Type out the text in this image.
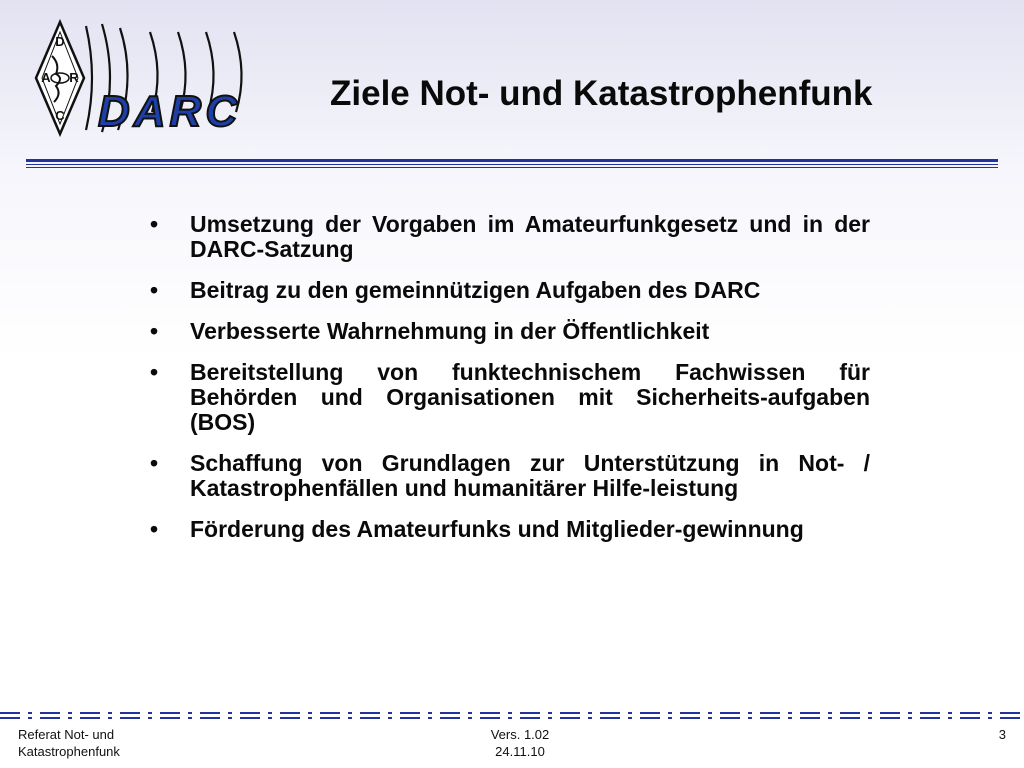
D
A R
C DARC	Ziele Not- und Katastrophenfunk
• Umsetzung der Vorgaben im Amateurfunkgesetz und in der DARC-Satzung
• Beitrag zu den gemeinnützigen Aufgaben des DARC
• Verbesserte Wahrnehmung in der Öffentlichkeit
• Bereitstellung von funktechnischem Fachwissen für Behörden und Organisationen mit Sicherheits-aufgaben (BOS)
• Schaffung von Grundlagen zur Unterstützung in Not- / Katastrophenfällen und humanitärer Hilfe-leistung
• Förderung des Amateurfunks und Mitglieder-gewinnung
Referat Not- und
Katastrophenfunk
Vers. 1.02
24.11.10
3
